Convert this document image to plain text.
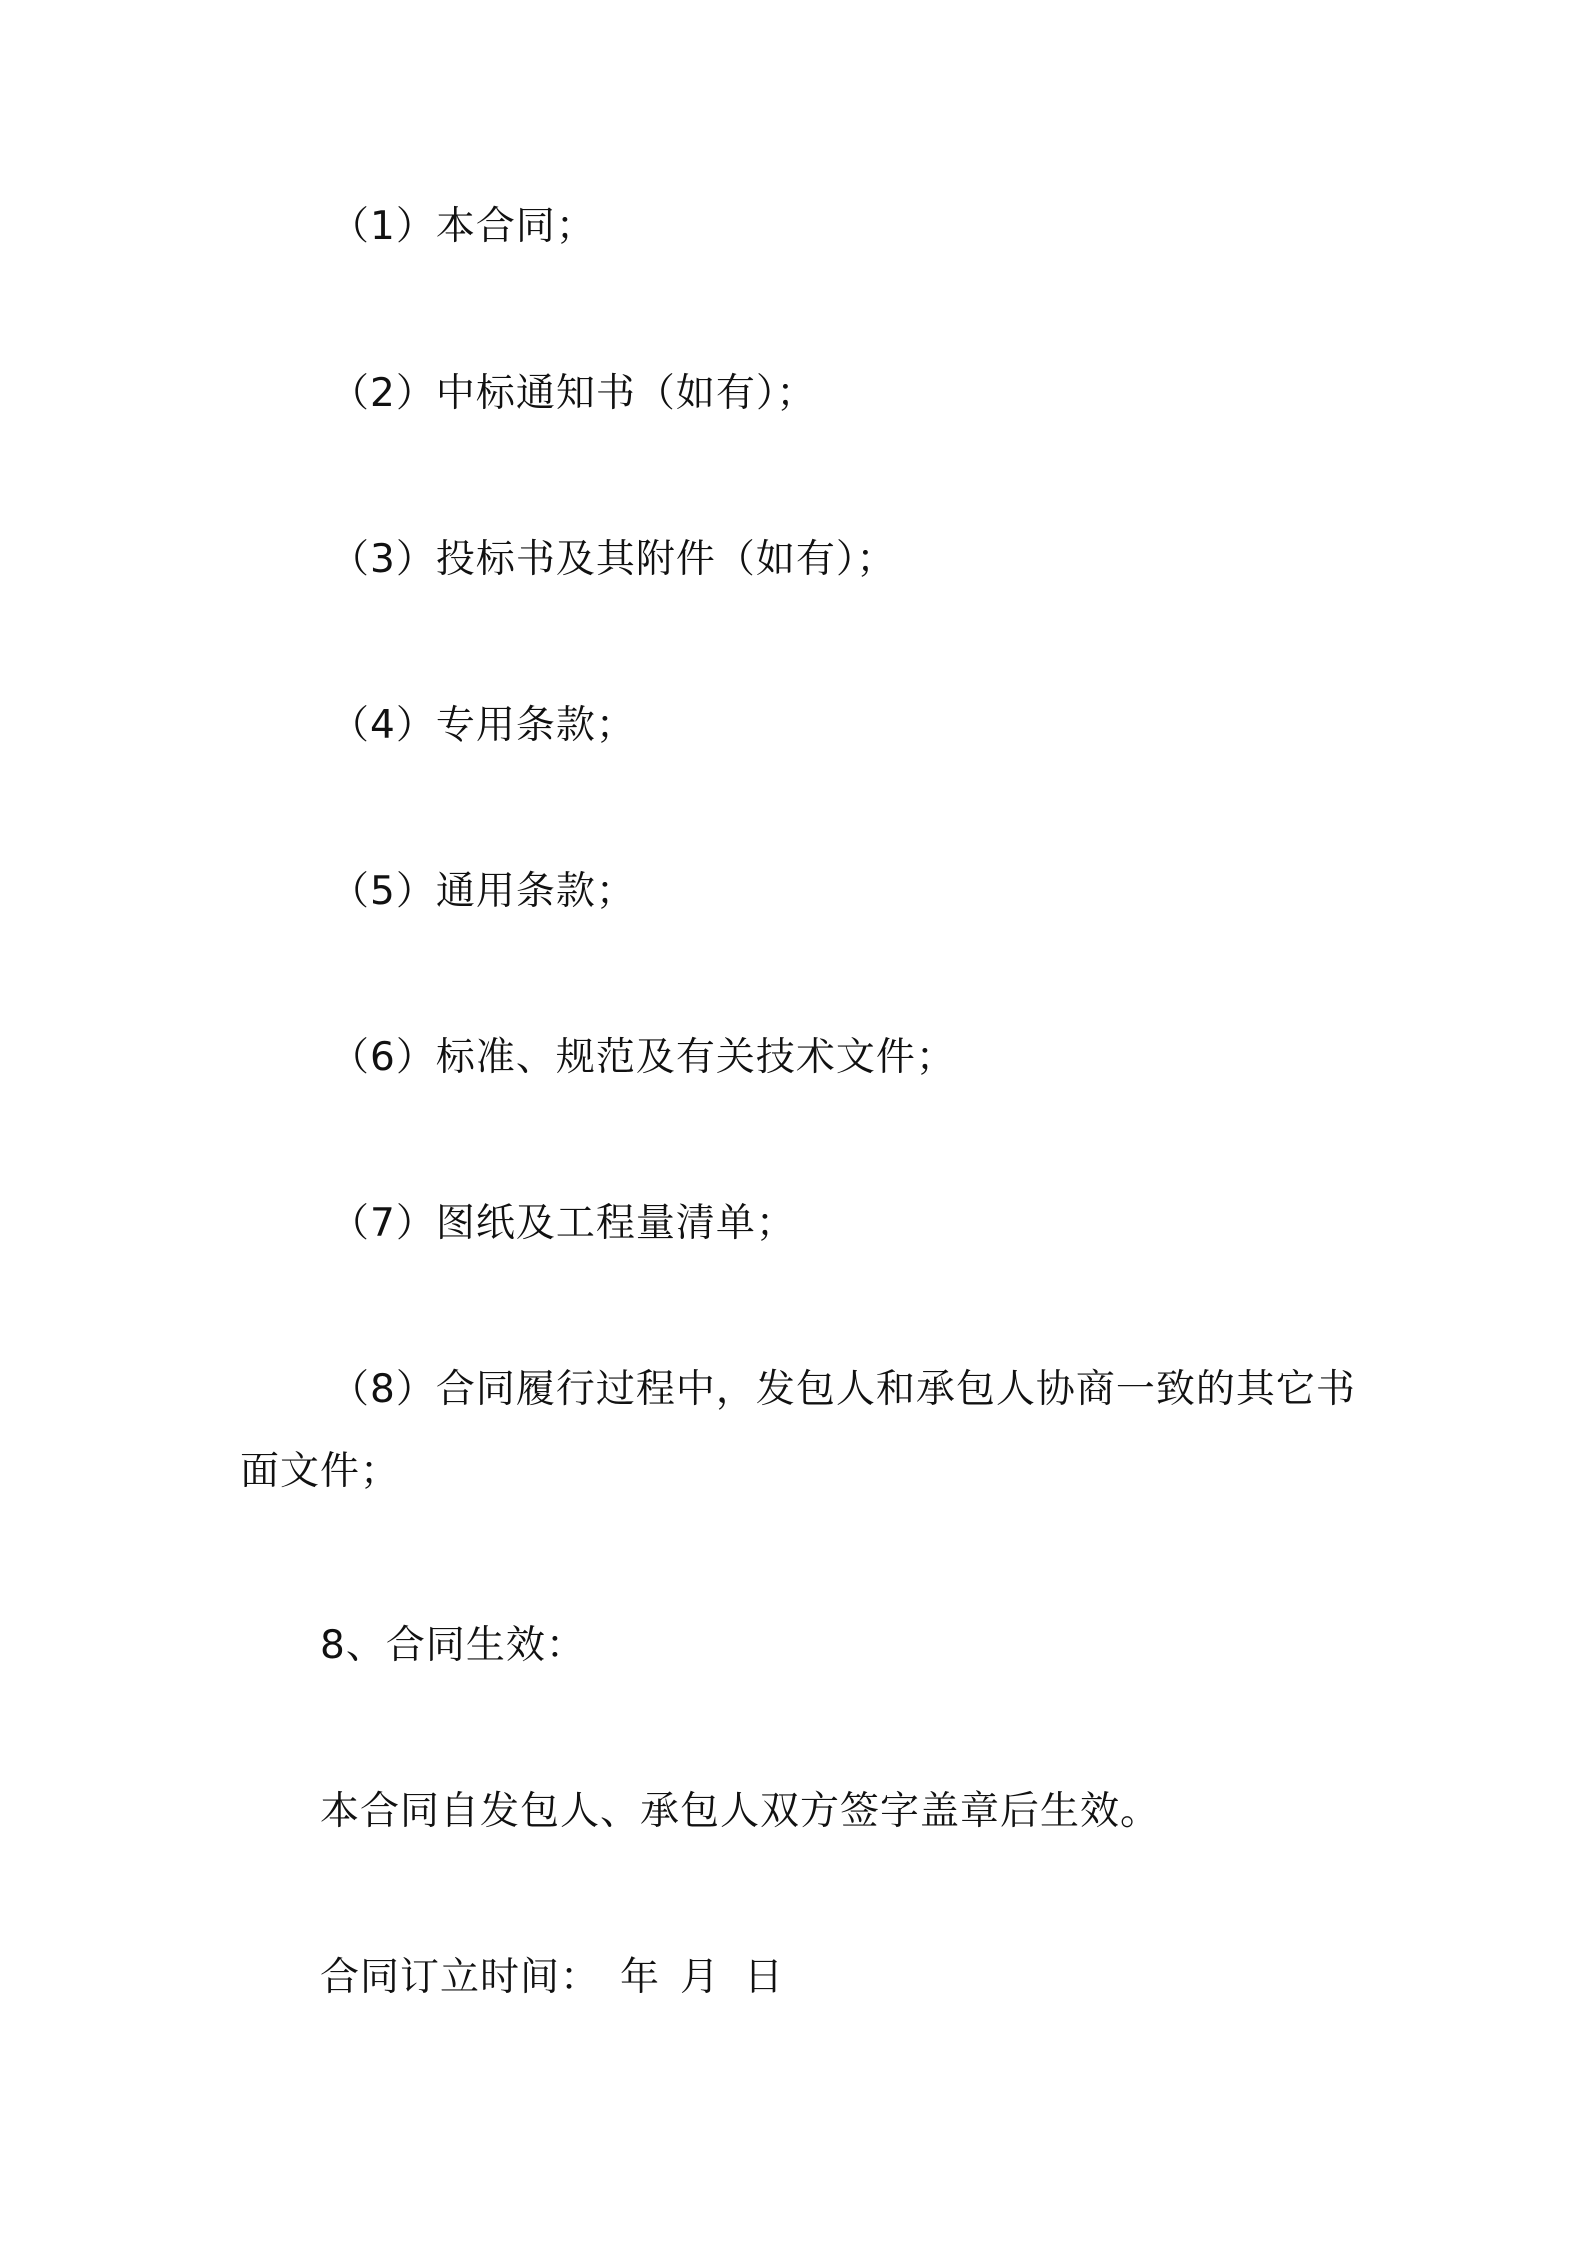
（1）本合同；
（2）中标通知书（如有）；
（3）投标书及其附件（如有）；
（4）专用条款；
（5）通用条款；
（6）标准、规范及有关技术文件；
（7）图纸及工程量清单；
（8）合同履行过程中，发包人和承包人协商一致的其它书
面文件；
8、合同生效：
本合同自发包人、承包人双方签字盖章后生效。
合同订立时间： 年 月 日
